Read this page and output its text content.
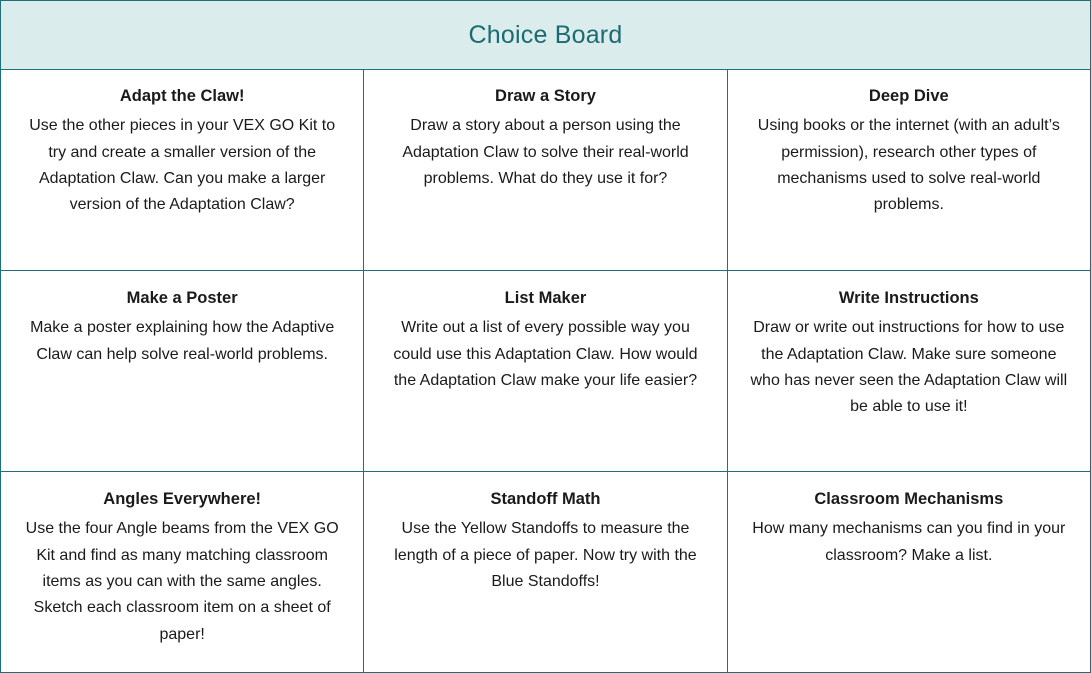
Choice Board
Adapt the Claw!
Use the other pieces in your VEX GO Kit to try and create a smaller version of the Adaptation Claw. Can you make a larger version of the Adaptation Claw?
Draw a Story
Draw a story about a person using the Adaptation Claw to solve their real-world problems. What do they use it for?
Deep Dive
Using books or the internet (with an adult’s permission), research other types of mechanisms used to solve real-world problems.
Make a Poster
Make a poster explaining how the Adaptive Claw can help solve real-world problems.
List Maker
Write out a list of every possible way you could use this Adaptation Claw. How would the Adaptation Claw make your life easier?
Write Instructions
Draw or write out instructions for how to use the Adaptation Claw. Make sure someone who has never seen the Adaptation Claw will be able to use it!
Angles Everywhere!
Use the four Angle beams from the VEX GO Kit and find as many matching classroom items as you can with the same angles. Sketch each classroom item on a sheet of paper!
Standoff Math
Use the Yellow Standoffs to measure the length of a piece of paper. Now try with the Blue Standoffs!
Classroom Mechanisms
How many mechanisms can you find in your classroom? Make a list.
